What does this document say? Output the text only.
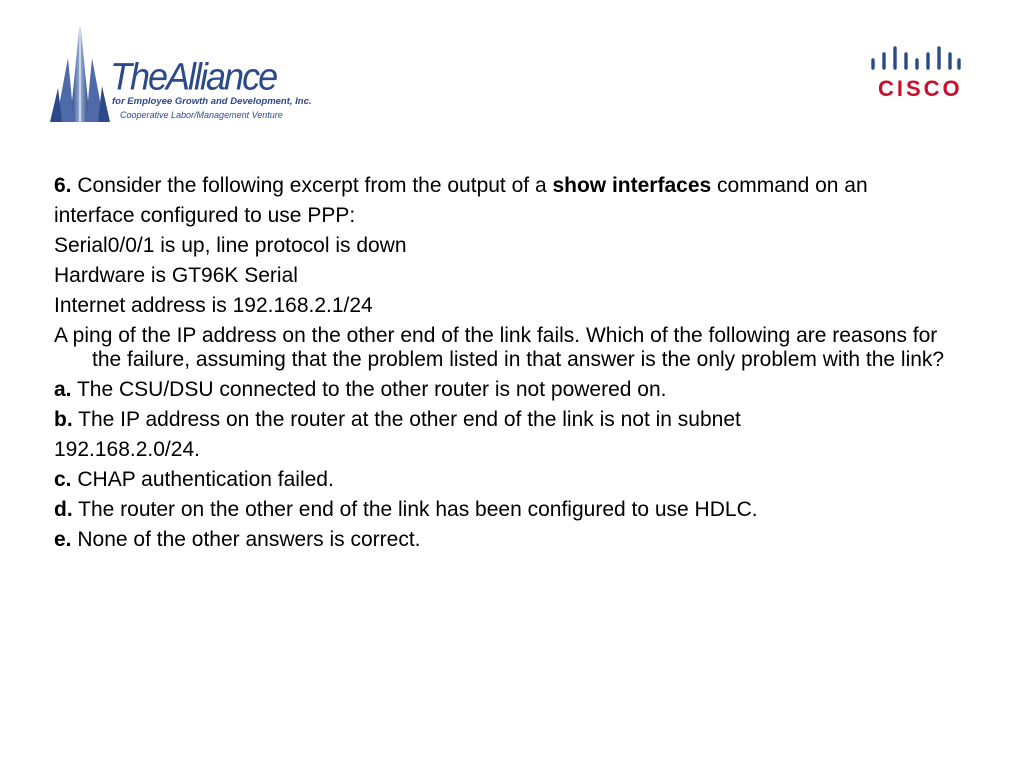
TheAlliance
for Employee Growth and Development, Inc.
Cooperative Labor/Management Venture
CISCO

6. Consider the following excerpt from the output of a show interfaces command on an

interface configured to use PPP:

Serial0/0/1 is up, line protocol is down

Hardware is GT96K Serial

Internet address is 192.168.2.1/24

A ping of the IP address on the other end of the link fails. Which of the following are reasons for the failure, assuming that the problem listed in that answer is the only problem with the link?

a. The CSU/DSU connected to the other router is not powered on.

b. The IP address on the router at the other end of the link is not in subnet

192.168.2.0/24.

c. CHAP authentication failed.

d. The router on the other end of the link has been configured to use HDLC.

e. None of the other answers is correct.
